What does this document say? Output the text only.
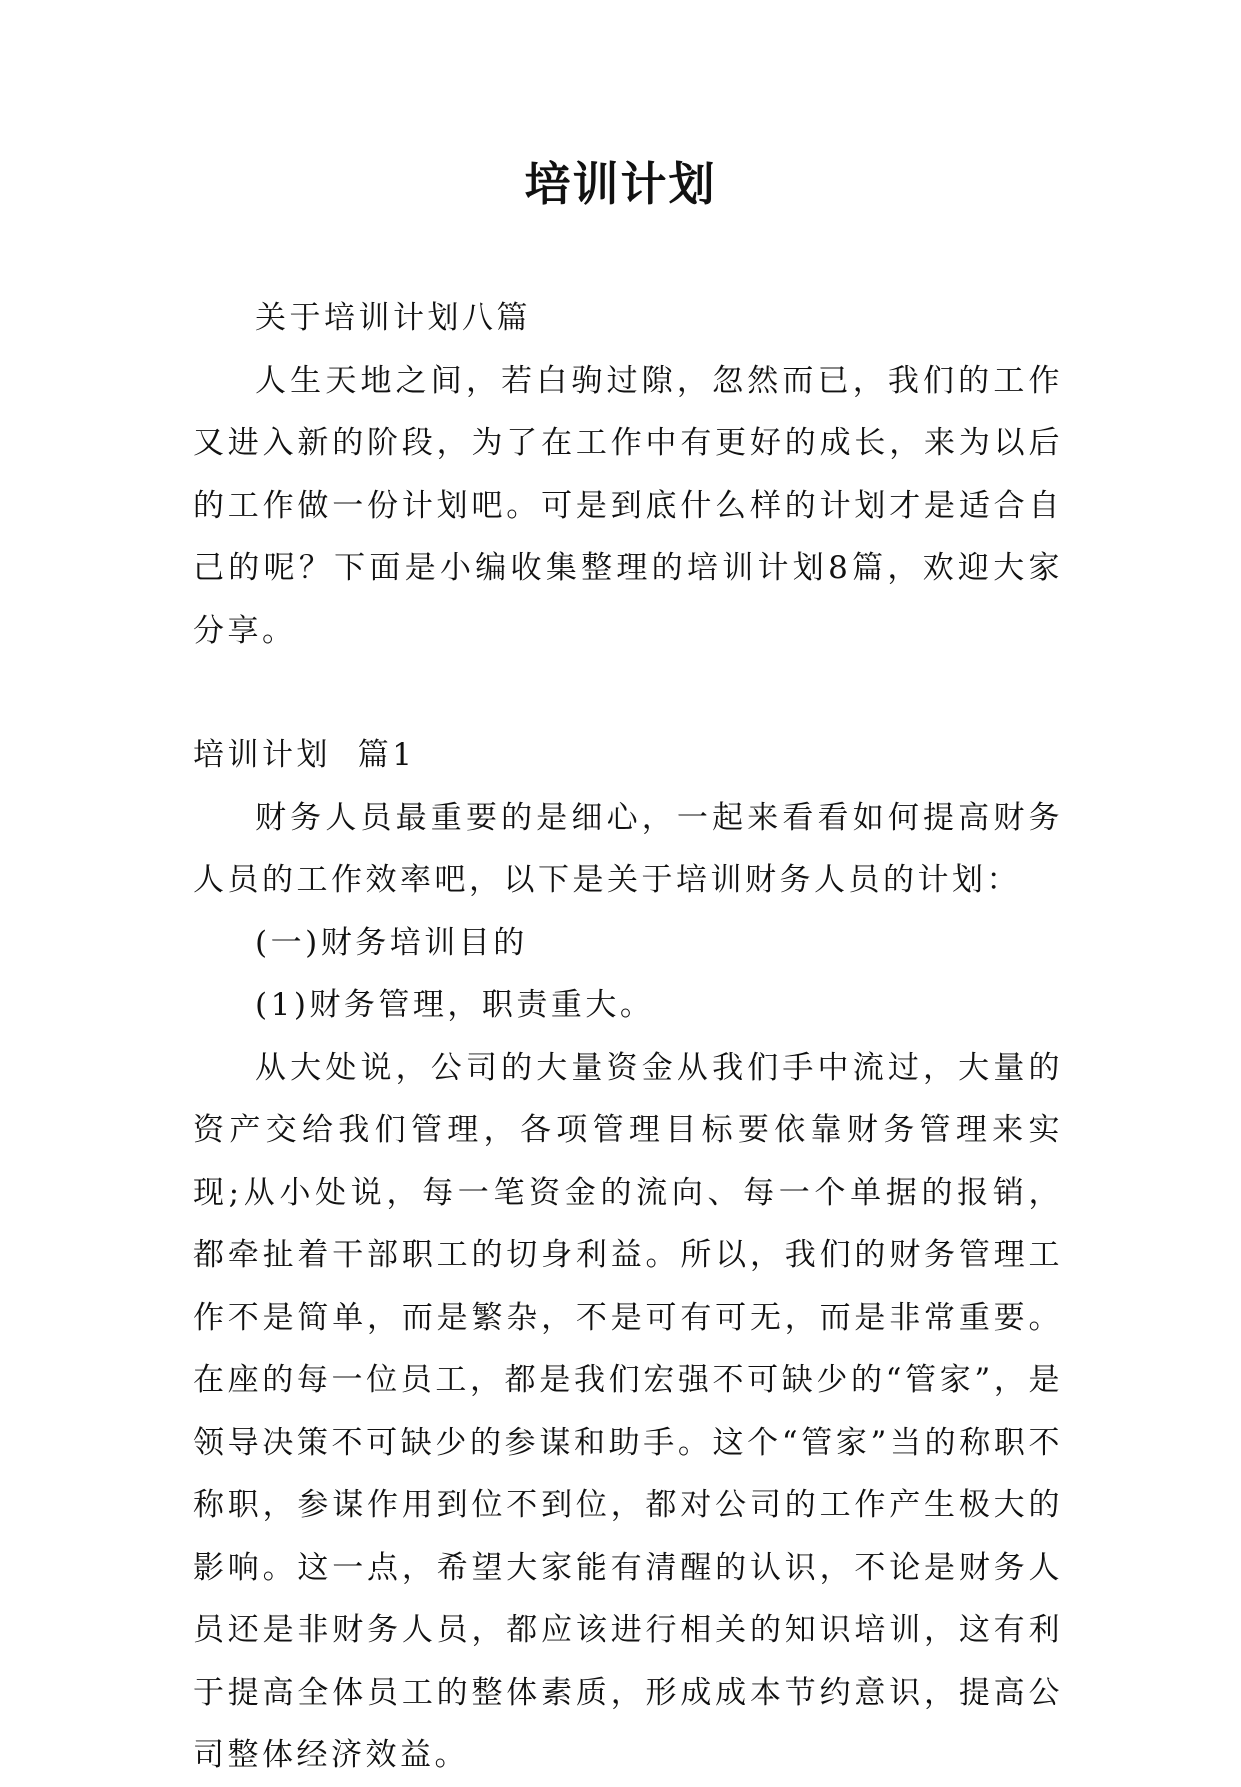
培训计划

关于培训计划八篇

人生天地之间，若白驹过隙，忽然而已，我们的工作又进入新的阶段，为了在工作中有更好的成长，来为以后的工作做一份计划吧。可是到底什么样的计划才是适合自己的呢？下面是小编收集整理的培训计划8篇，欢迎大家分享。

培训计划  篇1

财务人员最重要的是细心，一起来看看如何提高财务人员的工作效率吧，以下是关于培训财务人员的计划：

(一)财务培训目的

(1)财务管理，职责重大。

从大处说，公司的大量资金从我们手中流过，大量的资产交给我们管理，各项管理目标要依靠财务管理来实现;从小处说，每一笔资金的流向、每一个单据的报销，都牵扯着干部职工的切身利益。所以，我们的财务管理工作不是简单，而是繁杂，不是可有可无，而是非常重要。在座的每一位员工，都是我们宏强不可缺少的“管家”，是领导决策不可缺少的参谋和助手。这个“管家”当的称职不称职，参谋作用到位不到位，都对公司的工作产生极大的影响。这一点，希望大家能有清醒的认识，不论是财务人员还是非财务人员，都应该进行相关的知识培训，这有利于提高全体员工的整体素质，形成成本节约意识，提高公司整体经济效益。
